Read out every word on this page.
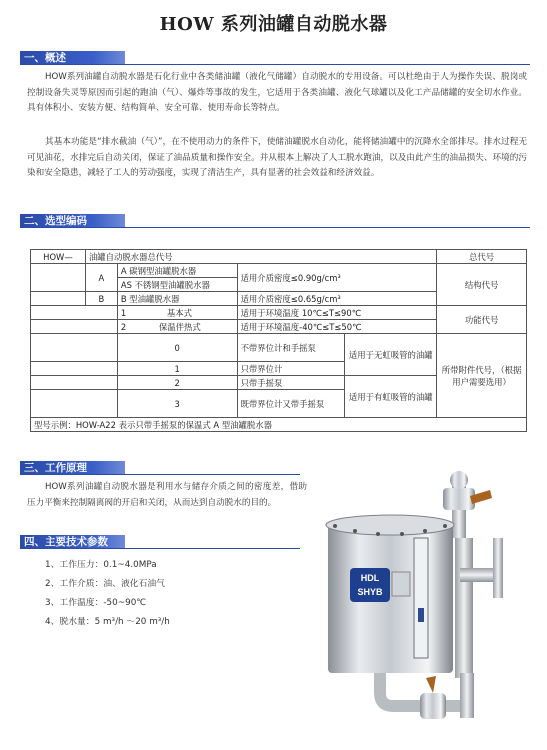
HOW 系列油罐自动脱水器
一、概述

HOW系列油罐自动脱水器是石化行业中各类储油罐（液化气储罐）自动脱水的专用设备。可以杜绝由于人为操作失误、脱岗或控制设备失灵等原因而引起的跑油（气）、爆炸等事故的发生，它适用于各类油罐、液化气球罐以及化工产品储罐的安全切水作业。具有体积小、安装方便、结构简单、安全可靠、使用寿命长等特点。

其基本功能是“排水截油（气）”，在不使用动力的条件下，使储油罐脱水自动化，能将储油罐中的沉降水全部排尽。排水过程无可见油花，水排完后自动关闭，保证了油品质量和操作安全。并从根本上解决了人工脱水跑油，以及由此产生的油品损失、环境的污染和安全隐患，减轻了工人的劳动强度，实现了清洁生产，具有显著的社会效益和经济效益。

二、选型编码
HOW—	油罐自动脱水器总代号				总代号
	A	A 碳钢型油罐脱水器	适用介质密度≤0.90g/cm³		结构代号
		AS 不锈钢型油罐脱水器			
	B	B 型油罐脱水器	适用介质密度≤0.65g/cm³		
		1 基本式	适用于环境温度 10℃≤T≤90℃		功能代号
		2 保温伴热式	适用于环境温度-40℃≤T≤50℃		
		0	不带界位计和手摇泵	适用于无虹吸管的油罐	所带附件代号，（根据用户需要选用）
		1	只带界位计		
		2	只带手摇泵	适用于有虹吸管的油罐	
		3	既带界位计又带手摇泵		
型号示例：HOW-A22 表示只带手摇泵的保温式 A 型油罐脱水器					
三、工作原理

HOW系列油罐自动脱水器是利用水与储存介质之间的密度差，借助压力平衡来控制隔离阀的开启和关闭，从而达到自动脱水的目的。

四、主要技术参数
1、工作压力：0.1~4.0MPa
2、工作介质：油、液化石油气
3、工作温度：-50~90℃
4、脱水量：5 m³/h ～20 m³/h
HDL
SHYB
